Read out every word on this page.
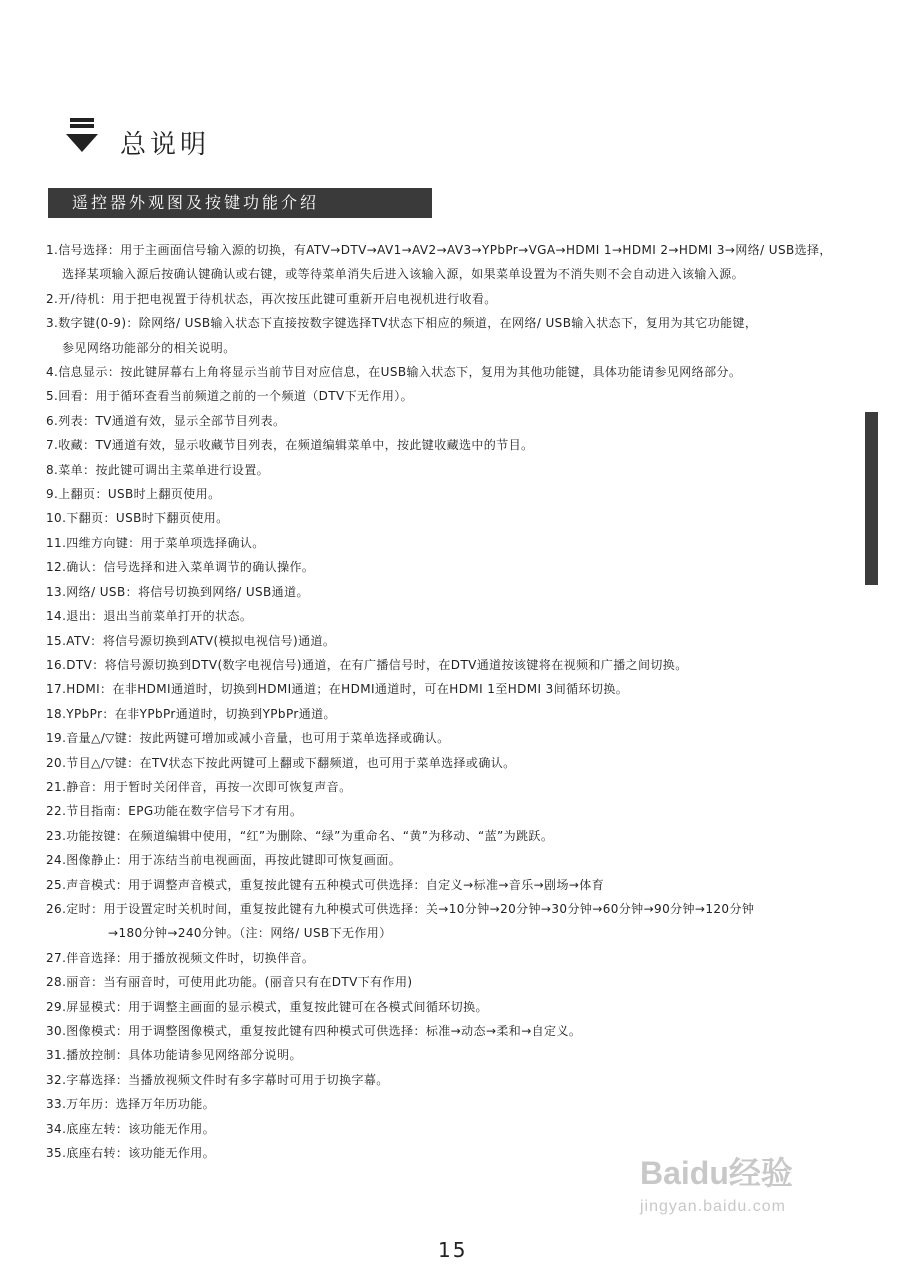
总说明
遥控器外观图及按键功能介绍
1.信号选择：用于主画面信号输入源的切换，有ATV→DTV→AV1→AV2→AV3→YPbPr→VGA→HDMI 1→HDMI 2→HDMI 3→网络/ USB选择，
选择某项输入源后按确认键确认或右键，或等待菜单消失后进入该输入源，如果菜单设置为不消失则不会自动进入该输入源。
2.开/待机：用于把电视置于待机状态，再次按压此键可重新开启电视机进行收看。
3.数字键(0-9)：除网络/ USB输入状态下直接按数字键选择TV状态下相应的频道，在网络/ USB输入状态下，复用为其它功能键，
参见网络功能部分的相关说明。
4.信息显示：按此键屏幕右上角将显示当前节目对应信息，在USB输入状态下，复用为其他功能键，具体功能请参见网络部分。
5.回看：用于循环查看当前频道之前的一个频道（DTV下无作用）。
6.列表：TV通道有效，显示全部节目列表。
7.收藏：TV通道有效，显示收藏节目列表，在频道编辑菜单中，按此键收藏选中的节目。
8.菜单：按此键可调出主菜单进行设置。
9.上翻页：USB时上翻页使用。
10.下翻页：USB时下翻页使用。
11.四维方向键：用于菜单项选择确认。
12.确认：信号选择和进入菜单调节的确认操作。
13.网络/ USB：将信号切换到网络/ USB通道。
14.退出：退出当前菜单打开的状态。
15.ATV：将信号源切换到ATV(模拟电视信号)通道。
16.DTV：将信号源切换到DTV(数字电视信号)通道，在有广播信号时，在DTV通道按该键将在视频和广播之间切换。
17.HDMI：在非HDMI通道时，切换到HDMI通道；在HDMI通道时，可在HDMI 1至HDMI 3间循环切换。
18.YPbPr：在非YPbPr通道时，切换到YPbPr通道。
19.音量△/▽键：按此两键可增加或减小音量，也可用于菜单选择或确认。
20.节目△/▽键：在TV状态下按此两键可上翻或下翻频道，也可用于菜单选择或确认。
21.静音：用于暂时关闭伴音，再按一次即可恢复声音。
22.节目指南：EPG功能在数字信号下才有用。
23.功能按键：在频道编辑中使用，“红”为删除、“绿”为重命名、“黄”为移动、“蓝”为跳跃。
24.图像静止：用于冻结当前电视画面，再按此键即可恢复画面。
25.声音模式：用于调整声音模式，重复按此键有五种模式可供选择：自定义→标准→音乐→剧场→体育
26.定时：用于设置定时关机时间，重复按此键有九种模式可供选择：关→10分钟→20分钟→30分钟→60分钟→90分钟→120分钟
→180分钟→240分钟。（注：网络/ USB下无作用）
27.伴音选择：用于播放视频文件时，切换伴音。
28.丽音：当有丽音时，可使用此功能。(丽音只有在DTV下有作用)
29.屏显模式：用于调整主画面的显示模式，重复按此键可在各模式间循环切换。
30.图像模式：用于调整图像模式，重复按此键有四种模式可供选择：标准→动态→柔和→自定义。
31.播放控制：具体功能请参见网络部分说明。
32.字幕选择：当播放视频文件时有多字幕时可用于切换字幕。
33.万年历：选择万年历功能。
34.底座左转：该功能无作用。
35.底座右转：该功能无作用。
15
Baidu经验
jingyan.baidu.com
